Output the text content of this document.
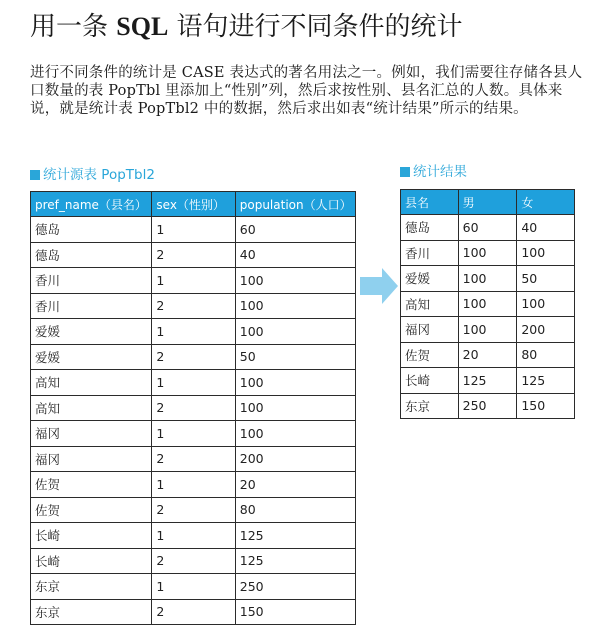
用一条 SQL 语句进行不同条件的统计
进行不同条件的统计是 CASE 表达式的著名用法之一。例如，我们需要往存储各县人口数量的表 PopTbl 里添加上“性别”列，然后求按性别、县名汇总的人数。具体来说，就是统计表 PopTbl2 中的数据，然后求出如表“统计结果”所示的结果。
统计源表 PopTbl2
pref_name（县名）	sex（性别）	population（人口）
德岛	1	60
德岛	2	40
香川	1	100
香川	2	100
爱媛	1	100
爱媛	2	50
高知	1	100
高知	2	100
福冈	1	100
福冈	2	200
佐贺	1	20
佐贺	2	80
长崎	1	125
长崎	2	125
东京	1	250
东京	2	150
统计结果
县名	男	女
德岛	60	40
香川	100	100
爱媛	100	50
高知	100	100
福冈	100	200
佐贺	20	80
长崎	125	125
东京	250	150
